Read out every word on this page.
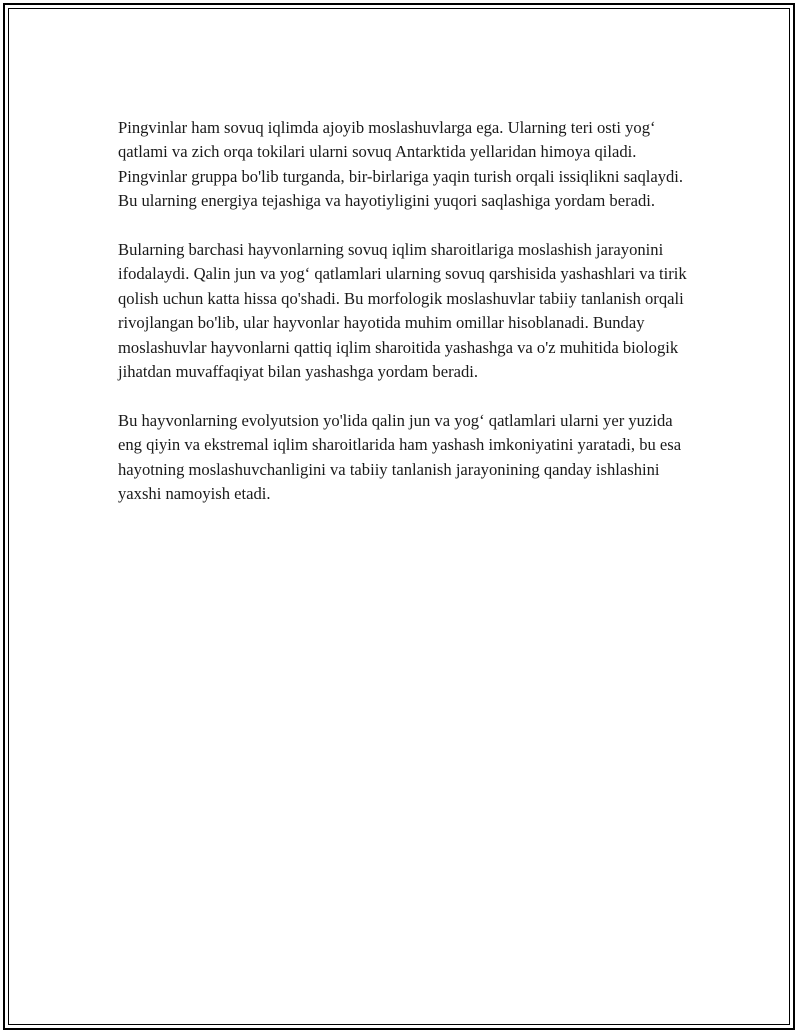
Pingvinlar ham sovuq iqlimda ajoyib moslashuvlarga ega. Ularning teri osti yog‘ qatlami va zich orqa tokilari ularni sovuq Antarktida yellaridan himoya qiladi. Pingvinlar gruppa bo'lib turganda, bir-birlariga yaqin turish orqali issiqlikni saqlaydi. Bu ularning energiya tejashiga va hayotiyligini yuqori saqlashiga yordam beradi.

Bularning barchasi hayvonlarning sovuq iqlim sharoitlariga moslashish jarayonini ifodalaydi. Qalin jun va yog‘ qatlamlari ularning sovuq qarshisida yashashlari va tirik qolish uchun katta hissa qo'shadi. Bu morfologik moslashuvlar tabiiy tanlanish orqali rivojlangan bo'lib, ular hayvonlar hayotida muhim omillar hisoblanadi. Bunday moslashuvlar hayvonlarni qattiq iqlim sharoitida yashashga va o'z muhitida biologik jihatdan muvaffaqiyat bilan yashashga yordam beradi.

Bu hayvonlarning evolyutsion yo'lida qalin jun va yog‘ qatlamlari ularni yer yuzida eng qiyin va ekstremal iqlim sharoitlarida ham yashash imkoniyatini yaratadi, bu esa hayotning moslashuvchanligini va tabiiy tanlanish jarayonining qanday ishlashini yaxshi namoyish etadi.
